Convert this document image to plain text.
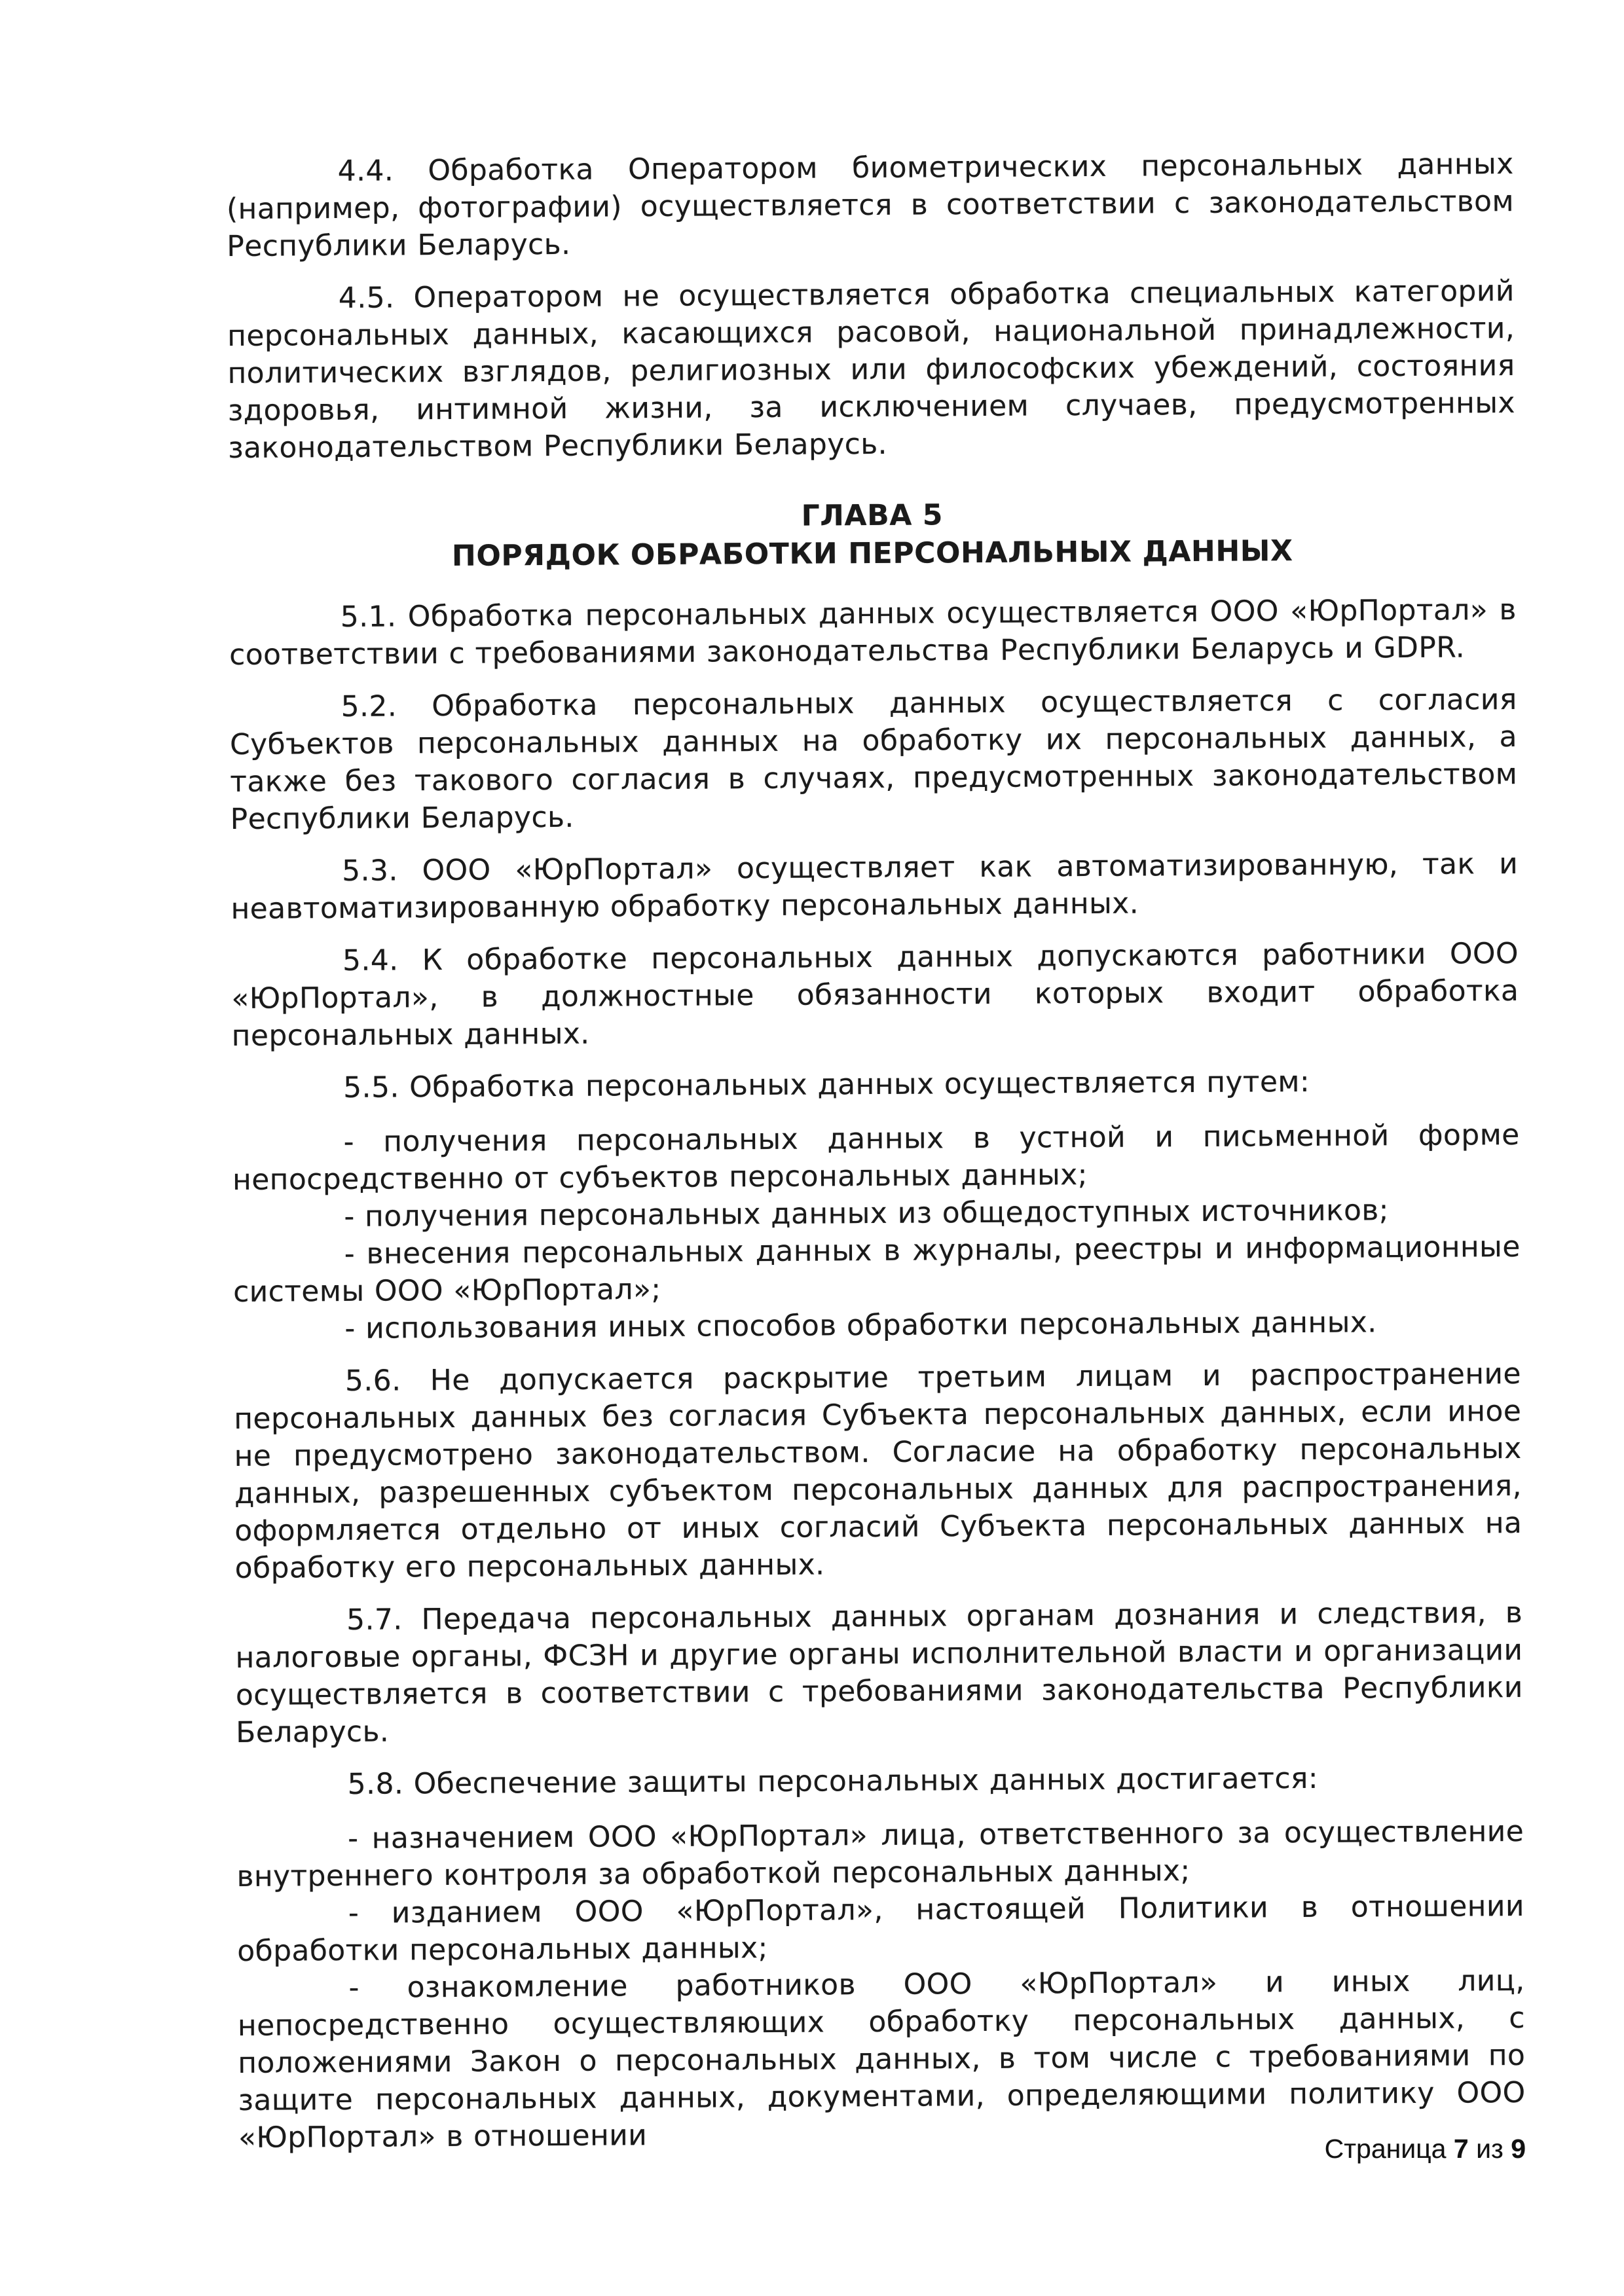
4.4. Обработка Оператором биометрических персональных данных (например, фотографии) осуществляется в соответствии с законодательством Республики Беларусь.
4.5. Оператором не осуществляется обработка специальных категорий персональных данных, касающихся расовой, национальной принадлежности, политических взглядов, религиозных или философских убеждений, состояния здоровья, интимной жизни, за исключением случаев, предусмотренных законодательством Республики Беларусь.
ГЛАВА 5
ПОРЯДОК ОБРАБОТКИ ПЕРСОНАЛЬНЫХ ДАННЫХ
5.1. Обработка персональных данных осуществляется ООО «ЮрПортал» в соответствии с требованиями законодательства Республики Беларусь и GDPR.
5.2. Обработка персональных данных осуществляется с согласия Субъектов персональных данных на обработку их персональных данных, а также без такового согласия в случаях, предусмотренных законодательством Республики Беларусь.
5.3. ООО «ЮрПортал» осуществляет как автоматизированную, так и неавтоматизированную обработку персональных данных.
5.4. К обработке персональных данных допускаются работники ООО «ЮрПортал», в должностные обязанности которых входит обработка персональных данных.
5.5. Обработка персональных данных осуществляется путем:
- получения персональных данных в устной и письменной форме непосредственно от субъектов персональных данных;
- получения персональных данных из общедоступных источников;
- внесения персональных данных в журналы, реестры и информационные системы ООО «ЮрПортал»;
- использования иных способов обработки персональных данных.
5.6. Не допускается раскрытие третьим лицам и распространение персональных данных без согласия Субъекта персональных данных, если иное не предусмотрено законодательством. Согласие на обработку персональных данных, разрешенных субъектом персональных данных для распространения, оформляется отдельно от иных согласий Субъекта персональных данных на обработку его персональных данных.
5.7. Передача персональных данных органам дознания и следствия, в налоговые органы, ФСЗН и другие органы исполнительной власти и организации осуществляется в соответствии с требованиями законодательства Республики Беларусь.
5.8. Обеспечение защиты персональных данных достигается:
- назначением ООО «ЮрПортал» лица, ответственного за осуществление внутреннего контроля за обработкой персональных данных;
- изданием ООО «ЮрПортал», настоящей Политики в отношении обработки персональных данных;
- ознакомление работников ООО «ЮрПортал» и иных лиц, непосредственно осуществляющих обработку персональных данных, с положениями Закон о персональных данных, в том числе с требованиями по защите персональных данных, документами, определяющими политику ООО «ЮрПортал» в отношении	Страница 7 из 9
